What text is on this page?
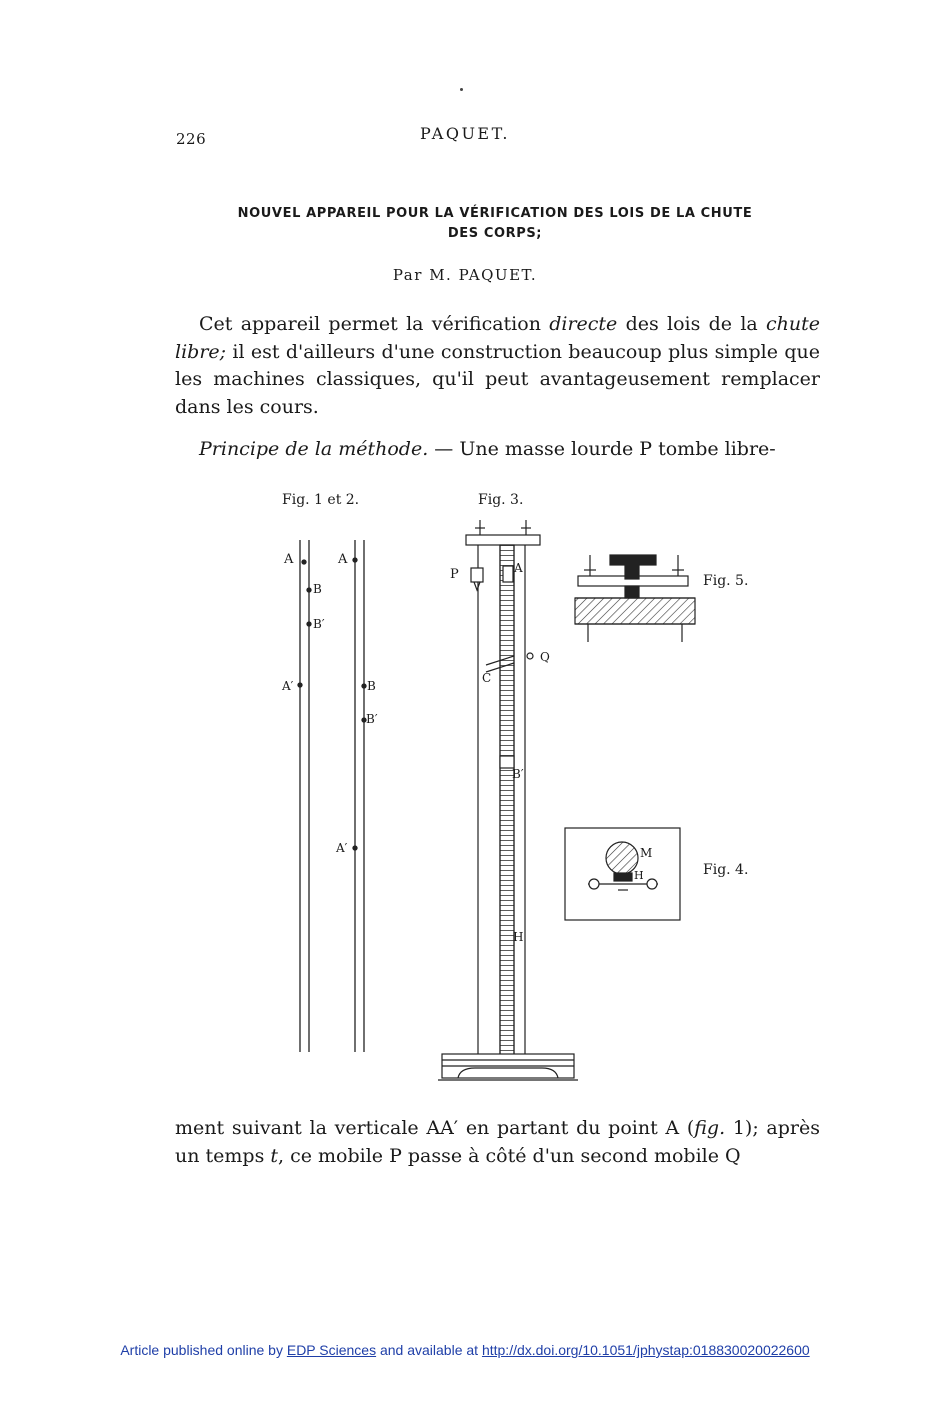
226	PAQUET.
NOUVEL APPAREIL POUR LA VÉRIFICATION DES LOIS DE LA CHUTE
DES CORPS;
Par M. PAQUET.
Cet appareil permet la vérification directe des lois de la chute libre; il est d'ailleurs d'une construction beaucoup plus simple que les machines classiques, qu'il peut avantageusement remplacer dans les cours.
Principe de la méthode. — Une masse lourde P tombe libre-
Fig. 1 et 2.	Fig. 3.
Fig. 5.
Fig. 4.
A
B
B′
A′
A
B
B′
A′
P	A
Q
C
B′
H
M
H
ment suivant la verticale AA′ en partant du point A (fig. 1); après un temps t, ce mobile P passe à côté d'un second mobile Q
Article published online by EDP Sciences and available at http://dx.doi.org/10.1051/jphystap:018830020022600
